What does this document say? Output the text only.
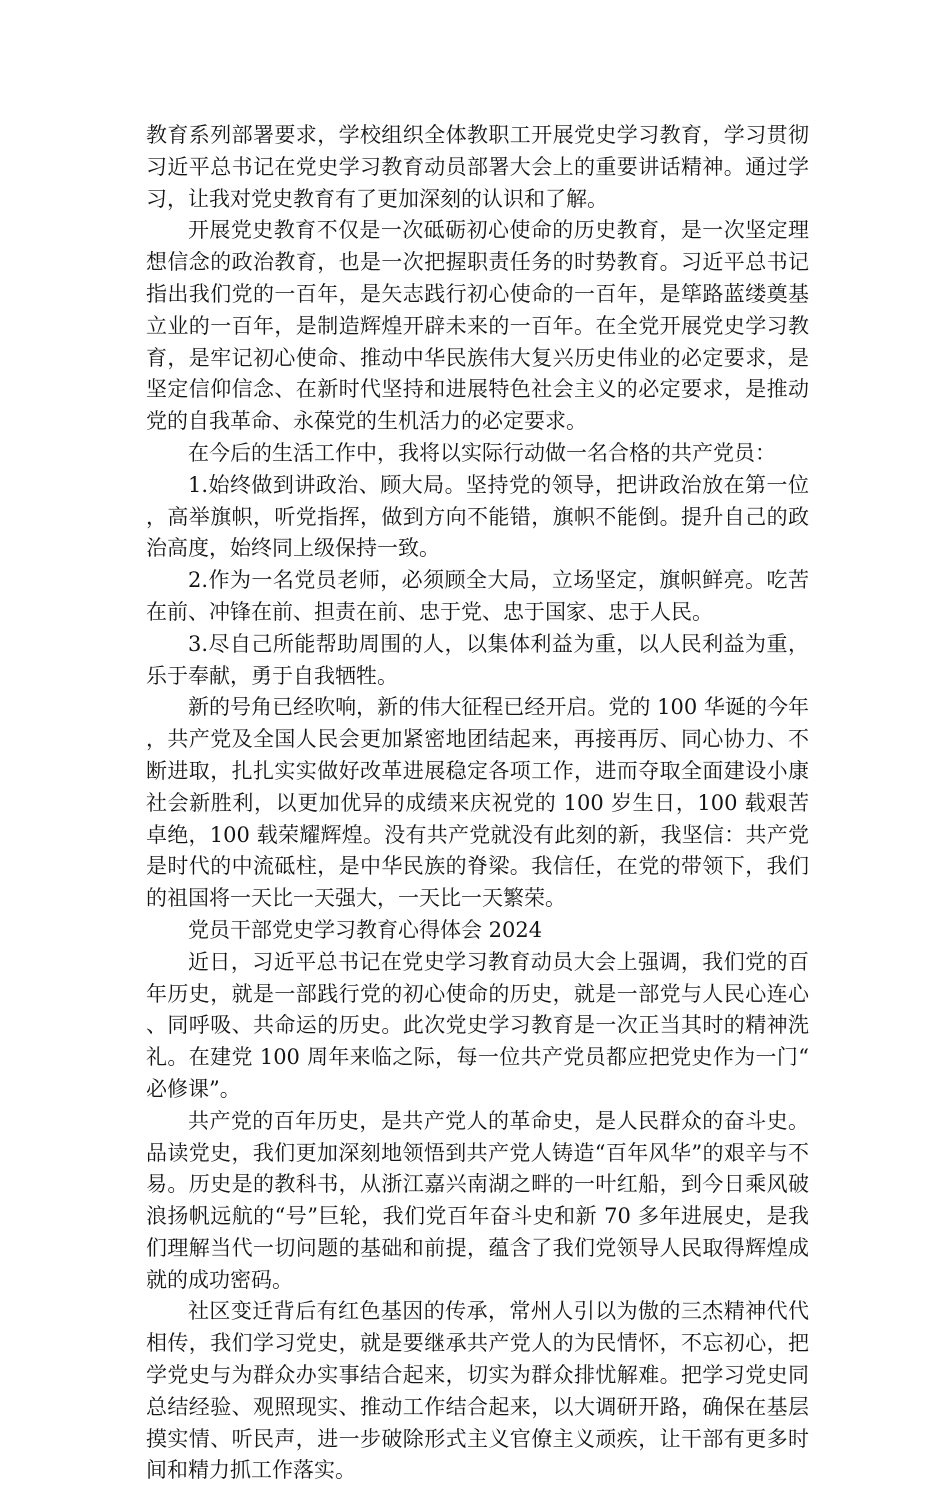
教育系列部署要求，学校组织全体教职工开展党史学习教育，学习贯彻习近平总书记在党史学习教育动员部署大会上的重要讲话精神。通过学习，让我对党史教育有了更加深刻的认识和了解。

开展党史教育不仅是一次砥砺初心使命的历史教育，是一次坚定理想信念的政治教育，也是一次把握职责任务的时势教育。习近平总书记指出我们党的一百年，是矢志践行初心使命的一百年，是筚路蓝缕奠基立业的一百年，是制造辉煌开辟未来的一百年。在全党开展党史学习教育，是牢记初心使命、推动中华民族伟大复兴历史伟业的必定要求，是坚定信仰信念、在新时代坚持和进展特色社会主义的必定要求，是推动党的自我革命、永葆党的生机活力的必定要求。

在今后的生活工作中，我将以实际行动做一名合格的共产党员：

1.始终做到讲政治、顾大局。坚持党的领导，把讲政治放在第一位，高举旗帜，听党指挥，做到方向不能错，旗帜不能倒。提升自己的政治高度，始终同上级保持一致。

2.作为一名党员老师，必须顾全大局，立场坚定，旗帜鲜亮。吃苦在前、冲锋在前、担责在前、忠于党、忠于国家、忠于人民。

3.尽自己所能帮助周围的人，以集体利益为重，以人民利益为重，乐于奉献，勇于自我牺牲。

新的号角已经吹响，新的伟大征程已经开启。党的 100 华诞的今年，共产党及全国人民会更加紧密地团结起来，再接再厉、同心协力、不断进取，扎扎实实做好改革进展稳定各项工作，进而夺取全面建设小康社会新胜利，以更加优异的成绩来庆祝党的 100 岁生日，100 载艰苦卓绝，100 载荣耀辉煌。没有共产党就没有此刻的新，我坚信：共产党是时代的中流砥柱，是中华民族的脊梁。我信任，在党的带领下，我们的祖国将一天比一天强大，一天比一天繁荣。

党员干部党史学习教育心得体会 2024

近日，习近平总书记在党史学习教育动员大会上强调，我们党的百年历史，就是一部践行党的初心使命的历史，就是一部党与人民心连心、同呼吸、共命运的历史。此次党史学习教育是一次正当其时的精神洗礼。在建党 100 周年来临之际，每一位共产党员都应把党史作为一门“必修课”。

共产党的百年历史，是共产党人的革命史，是人民群众的奋斗史。品读党史，我们更加深刻地领悟到共产党人铸造“百年风华”的艰辛与不易。历史是的教科书，从浙江嘉兴南湖之畔的一叶红船，到今日乘风破浪扬帆远航的“号”巨轮，我们党百年奋斗史和新 70 多年进展史，是我们理解当代一切问题的基础和前提，蕴含了我们党领导人民取得辉煌成就的成功密码。

社区变迁背后有红色基因的传承，常州人引以为傲的三杰精神代代相传，我们学习党史，就是要继承共产党人的为民情怀，不忘初心，把学党史与为群众办实事结合起来，切实为群众排忧解难。把学习党史同总结经验、观照现实、推动工作结合起来，以大调研开路，确保在基层摸实情、听民声，进一步破除形式主义官僚主义顽疾，让干部有更多时间和精力抓工作落实。
